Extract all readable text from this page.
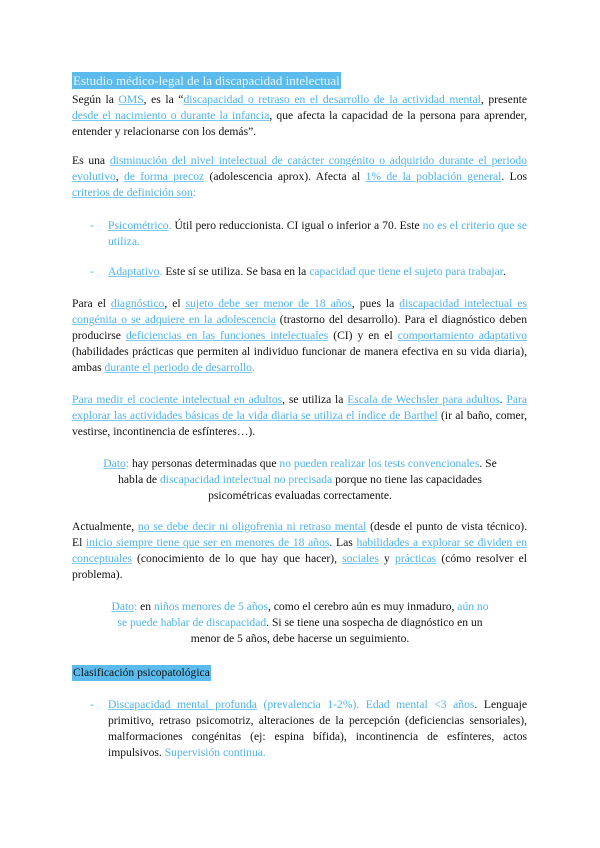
Estudio médico-legal de la discapacidad intelectual
Según la OMS, es la “discapacidad o retraso en el desarrollo de la actividad mental, presente desde el nacimiento o durante la infancia, que afecta la capacidad de la persona para aprender, entender y relacionarse con los demás”.
Es una disminución del nivel intelectual de carácter congénito o adquirido durante el periodo evolutivo, de forma precoz (adolescencia aprox). Afecta al 1% de la población general. Los criterios de definición son:
- Psicométrico. Útil pero reduccionista. CI igual o inferior a 70. Este no es el criterio que se utiliza.
- Adaptativo. Este sí se utiliza. Se basa en la capacidad que tiene el sujeto para trabajar.
Para el diagnóstico, el sujeto debe ser menor de 18 años, pues la discapacidad intelectual es congénita o se adquiere en la adolescencia (trastorno del desarrollo). Para el diagnóstico deben producirse deficiencias en las funciones intelectuales (CI) y en el comportamiento adaptativo (habilidades prácticas que permiten al individuo funcionar de manera efectiva en su vida diaria), ambas durante el periodo de desarrollo.
Para medir el cociente intelectual en adultos, se utiliza la Escala de Wechsler para adultos. Para explorar las actividades básicas de la vida diaria se utiliza el índice de Barthel (ir al baño, comer, vestirse, incontinencia de esfínteres…).
Dato: hay personas determinadas que no pueden realizar los tests convencionales. Se habla de discapacidad intelectual no precisada porque no tiene las capacidades psicométricas evaluadas correctamente.
Actualmente, no se debe decir ni oligofrenia ni retraso mental (desde el punto de vista técnico). El inicio siempre tiene que ser en menores de 18 años. Las habilidades a explorar se dividen en conceptuales (conocimiento de lo que hay que hacer), sociales y prácticas (cómo resolver el problema).
Dato: en niños menores de 5 años, como el cerebro aún es muy inmaduro, aún no se puede hablar de discapacidad. Si se tiene una sospecha de diagnóstico en un menor de 5 años, debe hacerse un seguimiento.
Clasificación psicopatológica
- Discapacidad mental profunda (prevalencia 1-2%). Edad mental <3 años. Lenguaje primitivo, retraso psicomotriz, alteraciones de la percepción (deficiencias sensoriales), malformaciones congénitas (ej: espina bífida), incontinencia de esfínteres, actos impulsivos. Supervisión continua.
